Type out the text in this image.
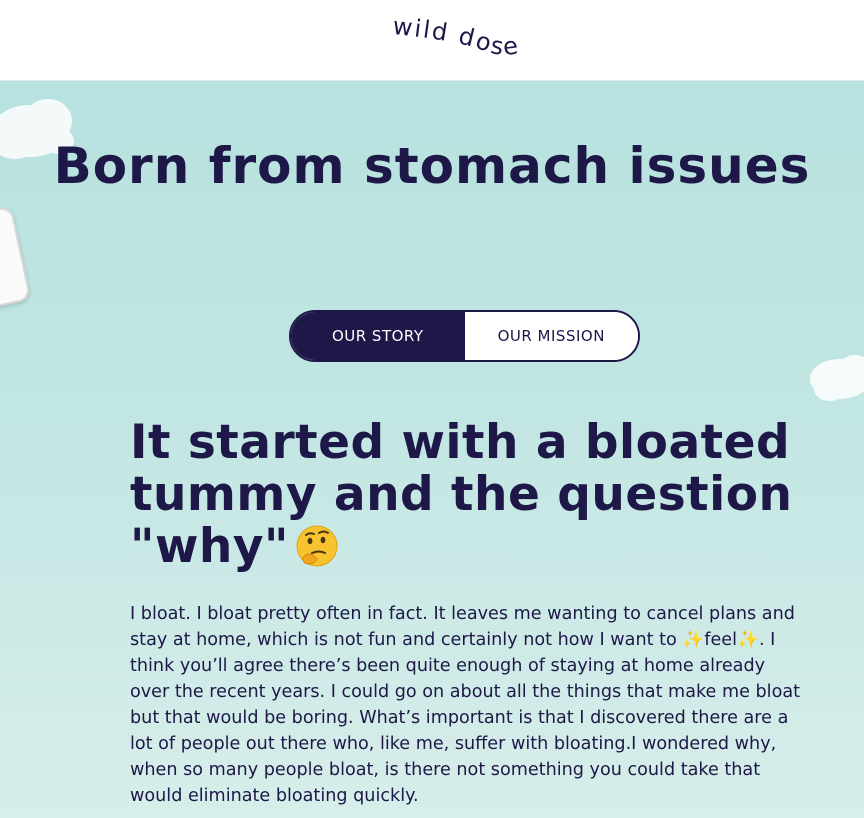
wild dose
Born from stomach issues
OUR STORY	OUR MISSION
It started with a bloated tummy and the question "why"

I bloat. I bloat pretty often in fact. It leaves me wanting to cancel plans and stay at home, which is not fun and certainly not how I want to ✨feel✨. I think you’ll agree there’s been quite enough of staying at home already over the recent years. I could go on about all the things that make me bloat but that would be boring. What’s important is that I discovered there are a lot of people out there who, like me, suffer with bloating.I wondered why, when so many people bloat, is there not something you could take that would eliminate bloating quickly.
